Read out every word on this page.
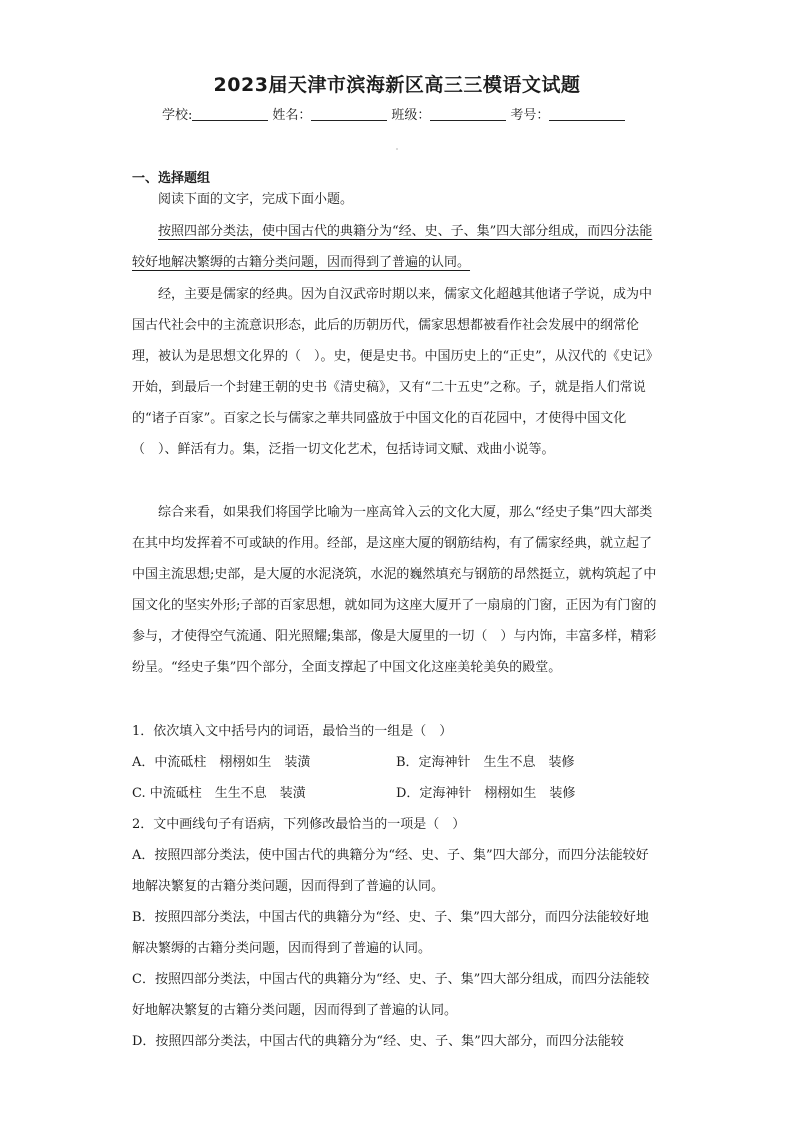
2023届天津市滨海新区高三三模语文试题
学校:	姓名：	班级：	考号：
一、选择题组
阅读下面的文字，完成下面小题。
按照四部分类法，使中国古代的典籍分为“经、史、子、集”四大部分组成，而四分法能较好地解决繁缛的古籍分类问题，因而得到了普遍的认同。
经，主要是儒家的经典。因为自汉武帝时期以来，儒家文化超越其他诸子学说，成为中国古代社会中的主流意识形态，此后的历朝历代，儒家思想都被看作社会发展中的纲常伦理，被认为是思想文化界的（　）。史，便是史书。中国历史上的“正史”，从汉代的《史记》开始，到最后一个封建王朝的史书《清史稿》，又有“二十五史”之称。子，就是指人们常说的“诸子百家”。百家之长与儒家之華共同盛放于中国文化的百花园中，才使得中国文化（　）、鲜活有力。集，泛指一切文化艺术，包括诗词文赋、戏曲小说等。
综合来看，如果我们将国学比喻为一座高耸入云的文化大厦，那么“经史子集”四大部类在其中均发挥着不可或缺的作用。经部，是这座大厦的钢筋结构，有了儒家经典，就立起了中国主流思想;史部，是大厦的水泥浇筑，水泥的巍然填充与钢筋的昂然挺立，就构筑起了中国文化的坚实外形;子部的百家思想，就如同为这座大厦开了一扇扇的门窗，正因为有门窗的参与，才使得空气流通、阳光照耀;集部，像是大厦里的一切（　）与内饰，丰富多样，精彩纷呈。“经史子集”四个部分，全面支撑起了中国文化这座美轮美奂的殿堂。
1．依次填入文中括号内的词语，最恰当的一组是（　）
A．中流砥柱　栩栩如生　装潢	B．定海神针　生生不息　装修
C. 中流砥柱　生生不息　装潢	D．定海神针　栩栩如生　装修
2．文中画线句子有语病，下列修改最恰当的一项是（　）
A．按照四部分类法，使中国古代的典籍分为“经、史、子、集”四大部分，而四分法能较好地解决繁复的古籍分类问题，因而得到了普遍的认同。
B．按照四部分类法，中国古代的典籍分为“经、史、子、集”四大部分，而四分法能较好地解决繁缛的古籍分类问题，因而得到了普遍的认同。
C．按照四部分类法，中国古代的典籍分为“经、史、子、集”四大部分组成，而四分法能较好地解决繁复的古籍分类问题，因而得到了普遍的认同。
D．按照四部分类法，中国古代的典籍分为“经、史、子、集”四大部分，而四分法能较
